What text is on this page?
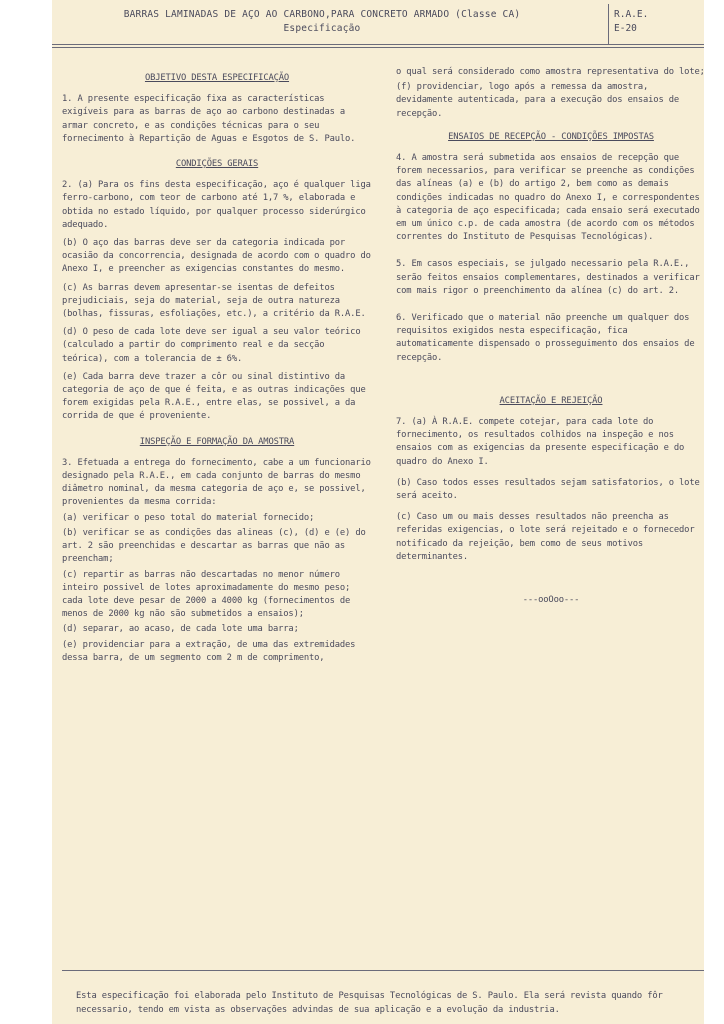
BARRAS LAMINADAS DE AÇO AO CARBONO,PARA CONCRETO ARMADO (Classe CA)
Especificação
R.A.E.
E-20
OBJETIVO DESTA ESPECIFICAÇÃO

1. A presente especificação fixa as características exigíveis para as barras de aço ao carbono destinadas a armar concreto, e as condições técnicas para o seu fornecimento à Repartição de Aguas e Esgotos de S. Paulo.

CONDIÇÕES GERAIS

2. (a) Para os fins desta especificação, aço é qualquer liga ferro-carbono, com teor de carbono até 1,7 %, elaborada e obtida no estado líquido, por qualquer processo siderúrgico adequado.

(b) O aço das barras deve ser da categoria indicada por ocasião da concorrencia, designada de acordo com o quadro do Anexo I, e preencher as exigencias constantes do mesmo.

(c) As barras devem apresentar-se isentas de defeitos prejudiciais, seja do material, seja de outra natureza (bolhas, fissuras, esfoliações, etc.), a critério da R.A.E.

(d) O peso de cada lote deve ser igual a seu valor teórico (calculado a partir do comprimento real e da secção teórica), com a tolerancia de ± 6%.

(e) Cada barra deve trazer a côr ou sinal distintivo da categoria de aço de que é feita, e as outras indicações que forem exigidas pela R.A.E., entre elas, se possivel, a da corrida de que é proveniente.

INSPEÇÃO E FORMAÇÃO DA AMOSTRA

3. Efetuada a entrega do fornecimento, cabe a um funcionario designado pela R.A.E., em cada conjunto de barras do mesmo diâmetro nominal, da mesma categoria de aço e, se possivel, provenientes da mesma corrida:

(a) verificar o peso total do material fornecido;

(b) verificar se as condições das alineas (c), (d) e (e) do art. 2 são preenchidas e descartar as barras que não as preencham;

(c) repartir as barras não descartadas no menor número inteiro possivel de lotes aproximadamente do mesmo peso; cada lote deve pesar de 2000 a 4000 kg (fornecimentos de menos de 2000 kg não são submetidos a ensaios);

(d) separar, ao acaso, de cada lote uma barra;

(e) providenciar para a extração, de uma das extremidades dessa barra, de um segmento com 2 m de comprimento,

o qual será considerado como amostra representativa do lote;

(f) providenciar, logo após a remessa da amostra, devidamente autenticada, para a execução dos ensaios de recepção.

ENSAIOS DE RECEPÇÃO - CONDIÇÕES IMPOSTAS

4. A amostra será submetida aos ensaios de recepção que forem necessarios, para verificar se preenche as condições das alíneas (a) e (b) do artigo 2, bem como as demais condições indicadas no quadro do Anexo I, e correspondentes à categoria de aço especificada; cada ensaio será executado em um único c.p. de cada amostra (de acordo com os métodos correntes do Instituto de Pesquisas Tecnológicas).

5. Em casos especiais, se julgado necessario pela R.A.E., serão feitos ensaios complementares, destinados a verificar com mais rigor o preenchimento da alínea (c) do art. 2.

6. Verificado que o material não preenche um qualquer dos requisitos exigidos nesta especificação, fica automaticamente dispensado o prosseguimento dos ensaios de recepção.

ACEITAÇÃO E REJEIÇÃO

7. (a) À R.A.E. compete cotejar, para cada lote do fornecimento, os resultados colhidos na inspeção e nos ensaios com as exigencias da presente especificação e do quadro do Anexo I.

(b) Caso todos esses resultados sejam satisfatorios, o lote será aceito.

(c) Caso um ou mais desses resultados não preencha as referidas exigencias, o lote será rejeitado e o fornecedor notificado da rejeição, bem como de seus motivos determinantes.

---ooOoo---
Esta especificação foi elaborada pelo Instituto de Pesquisas Tecnológicas de S. Paulo. Ela será revista quando fôr necessario, tendo em vista as observações advindas de sua aplicação e a evolução da industria.
